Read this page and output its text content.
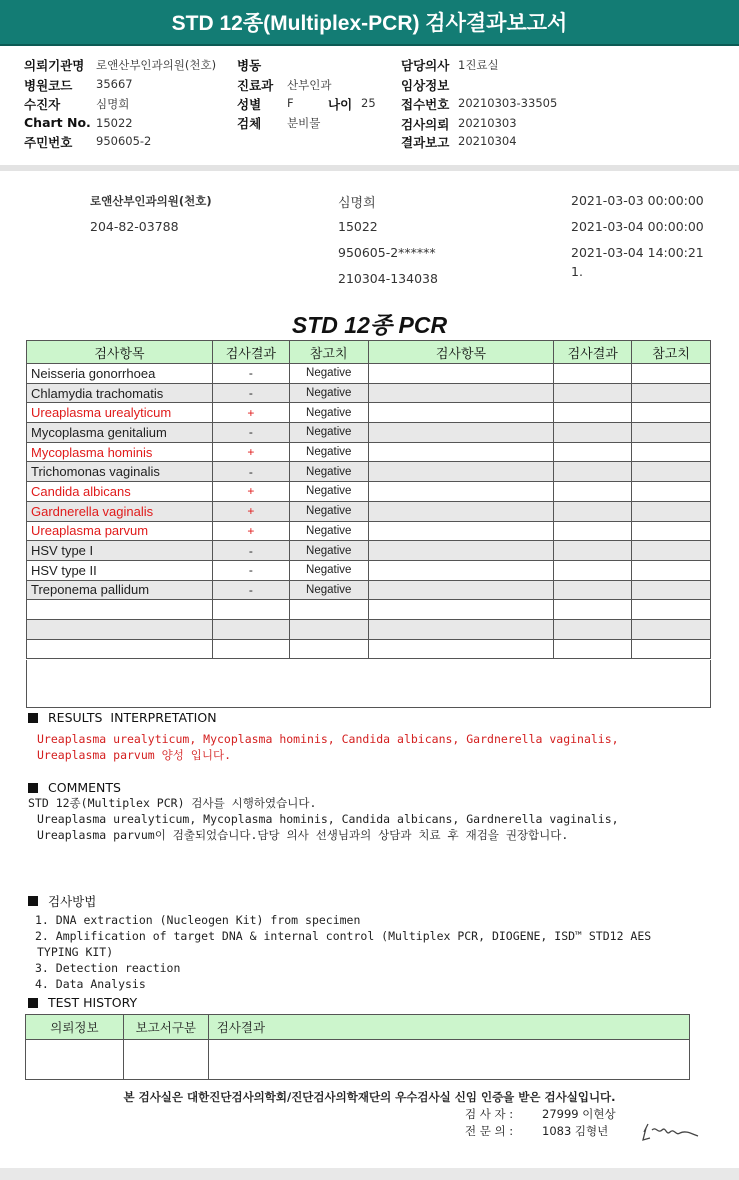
STD 12종(Multiplex-PCR) 검사결과보고서
의뢰기관명 로앤산부인과의원(천호) 병동	담당의사 1진료실
병원코드 35667	진료과 산부인과	임상정보
수진자	심명희	성별 F	나이 25 접수번호 20210303-33505
Chart No. 15022	검체 분비물	검사의뢰 20210303
주민번호 950605-2	결과보고 20210304
로앤산부인과의원(천호)
204-82-03788
심명희
15022
950605-2******
210304-134038
2021-03-03 00:00:00
2021-03-04 00:00:00
2021-03-04 14:00:21
1.
STD 12종 PCR
검사항목	검사결과	참고치	검사항목	검사결과	참고치
Neisseria gonorrhoea	-	Negative			
Chlamydia trachomatis	-	Negative			
Ureaplasma urealyticum	+	Negative			
Mycoplasma genitalium	-	Negative			
Mycoplasma hominis	+	Negative			
Trichomonas vaginalis	-	Negative			
Candida albicans	+	Negative			
Gardnerella vaginalis	+	Negative			
Ureaplasma parvum	+	Negative			
HSV type I	-	Negative			
HSV type II	-	Negative			
Treponema pallidum	-	Negative			

RESULTS  INTERPRETATION
Ureaplasma urealyticum, Mycoplasma hominis, Candida albicans, Gardnerella vaginalis,
Ureaplasma parvum 양성 입니다.
COMMENTS
STD 12종(Multiplex PCR) 검사를 시행하였습니다.
Ureaplasma urealyticum, Mycoplasma hominis, Candida albicans, Gardnerella vaginalis,
Ureaplasma parvum이 검출되었습니다.담당 의사 선생님과의 상담과 치료 후 재검을 권장합니다.
검사방법
1. DNA extraction (Nucleogen Kit) from specimen
2. Amplification of target DNA & internal control (Multiplex PCR, DIOGENE, ISD™ STD12 AES
TYPING KIT)
3. Detection reaction
4. Data Analysis
TEST HISTORY
의뢰정보	보고서구분	검사결과

본 검사실은 대한진단검사의학회/진단검사의학재단의 우수검사실 신임 인증을 받은 검사실입니다.
검 사 자 :	27999 이현상
전 문 의 :	1083 김형년
